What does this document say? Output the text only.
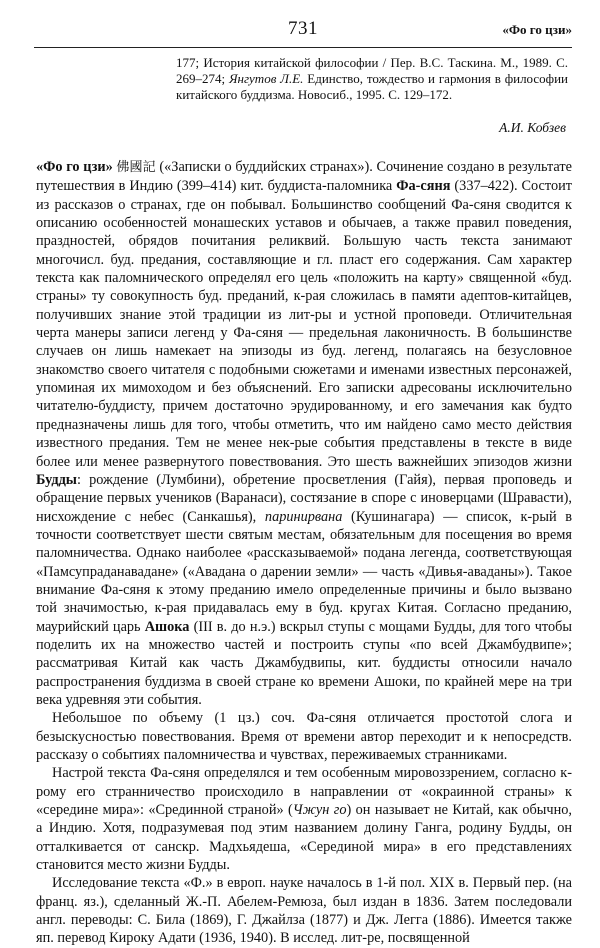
731	«Фо го цзи»
177; История китайской философии / Пер. В.С. Таскина. М., 1989. С. 269–274; Янгутов Л.Е. Единство, тождество и гармония в философии китайского буддизма. Новосиб., 1995. С. 129–172.
А.И. Кобзев

«Фо го цзи» 佛國記 («Записки о буддийских странах»). Сочинение создано в результате путешествия в Индию (399–414) кит. буддиста-паломника Фа-сяня (337–422). Состоит из рассказов о странах, где он побывал. Большинство сообщений Фа-сяня сводится к описанию особенностей монашеских уставов и обычаев, а также правил поведения, праздностей, обрядов почитания реликвий. Большую часть текста занимают многочисл. буд. предания, составляющие и гл. пласт его содержания. Сам характер текста как паломнического определял его цель «положить на карту» священной «буд. страны» ту совокупность буд. преданий, к-рая сложилась в памяти адептов-китайцев, получивших знание этой традиции из лит-ры и устной проповеди. Отличительная черта манеры записи легенд у Фа-сяня — предельная лаконичность. В большинстве случаев он лишь намекает на эпизоды из буд. легенд, полагаясь на безусловное знакомство своего читателя с подобными сюжетами и именами известных персонажей, упоминая их мимоходом и без объяснений. Его записки адресованы исключительно читателю-буддисту, причем достаточно эрудированному, и его замечания как будто предназначены лишь для того, чтобы отметить, что им найдено само место действия известного предания. Тем не менее нек-рые события представлены в тексте в виде более или менее развернутого повествования. Это шесть важнейших эпизодов жизни Будды: рождение (Лумбини), обретение просветления (Гайя), первая проповедь и обращение первых учеников (Варанаси), состязание в споре с иноверцами (Шравасти), нисхождение с небес (Санкашья), паринирвана (Кушинагара) — список, к-рый в точности соответствует шести святым местам, обязательным для посещения во время паломничества. Однако наиболее «рассказываемой» подана легенда, соответствующая «Памсупраданавадане» («Авадана о дарении земли» — часть «Дивья-аваданы»). Такое внимание Фа-сяня к этому преданию имело определенные причины и было вызвано той значимостью, к-рая придавалась ему в буд. кругах Китая. Согласно преданию, маурийский царь Ашока (III в. до н.э.) вскрыл ступы с мощами Будды, для того чтобы поделить их на множество частей и построить ступы «по всей Джамбудвипе»; рассматривая Китай как часть Джамбудвипы, кит. буддисты относили начало распространения буддизма в своей стране ко времени Ашоки, по крайней мере на три века удревняя эти события.

Небольшое по объему (1 цз.) соч. Фа-сяня отличается простотой слога и безыскусностью повествования. Время от времени автор переходит и к непосредств. рассказу о событиях паломничества и чувствах, переживаемых странниками.

Настрой текста Фа-сяня определялся и тем особенным мировоззрением, согласно к-рому его странничество происходило в направлении от «окраинной страны» к «середине мира»: «Срединной страной» (Чжун го) он называет не Китай, как обычно, а Индию. Хотя, подразумевая под этим названием долину Ганга, родину Будды, он отталкивается от санскр. Мадхьядеша, «Серединой мира» в его представлениях становится место жизни Будды.

Исследование текста «Ф.» в европ. науке началось в 1-й пол. XIX в. Первый пер. (на франц. яз.), сделанный Ж.-П. Абелем-Ремюза, был издан в 1836. Затем последовали англ. переводы: С. Била (1869), Г. Джайлза (1877) и Дж. Легга (1886). Имеется также яп. перевод Кироку Адати (1936, 1940). В исслед. лит-ре, посвященной
